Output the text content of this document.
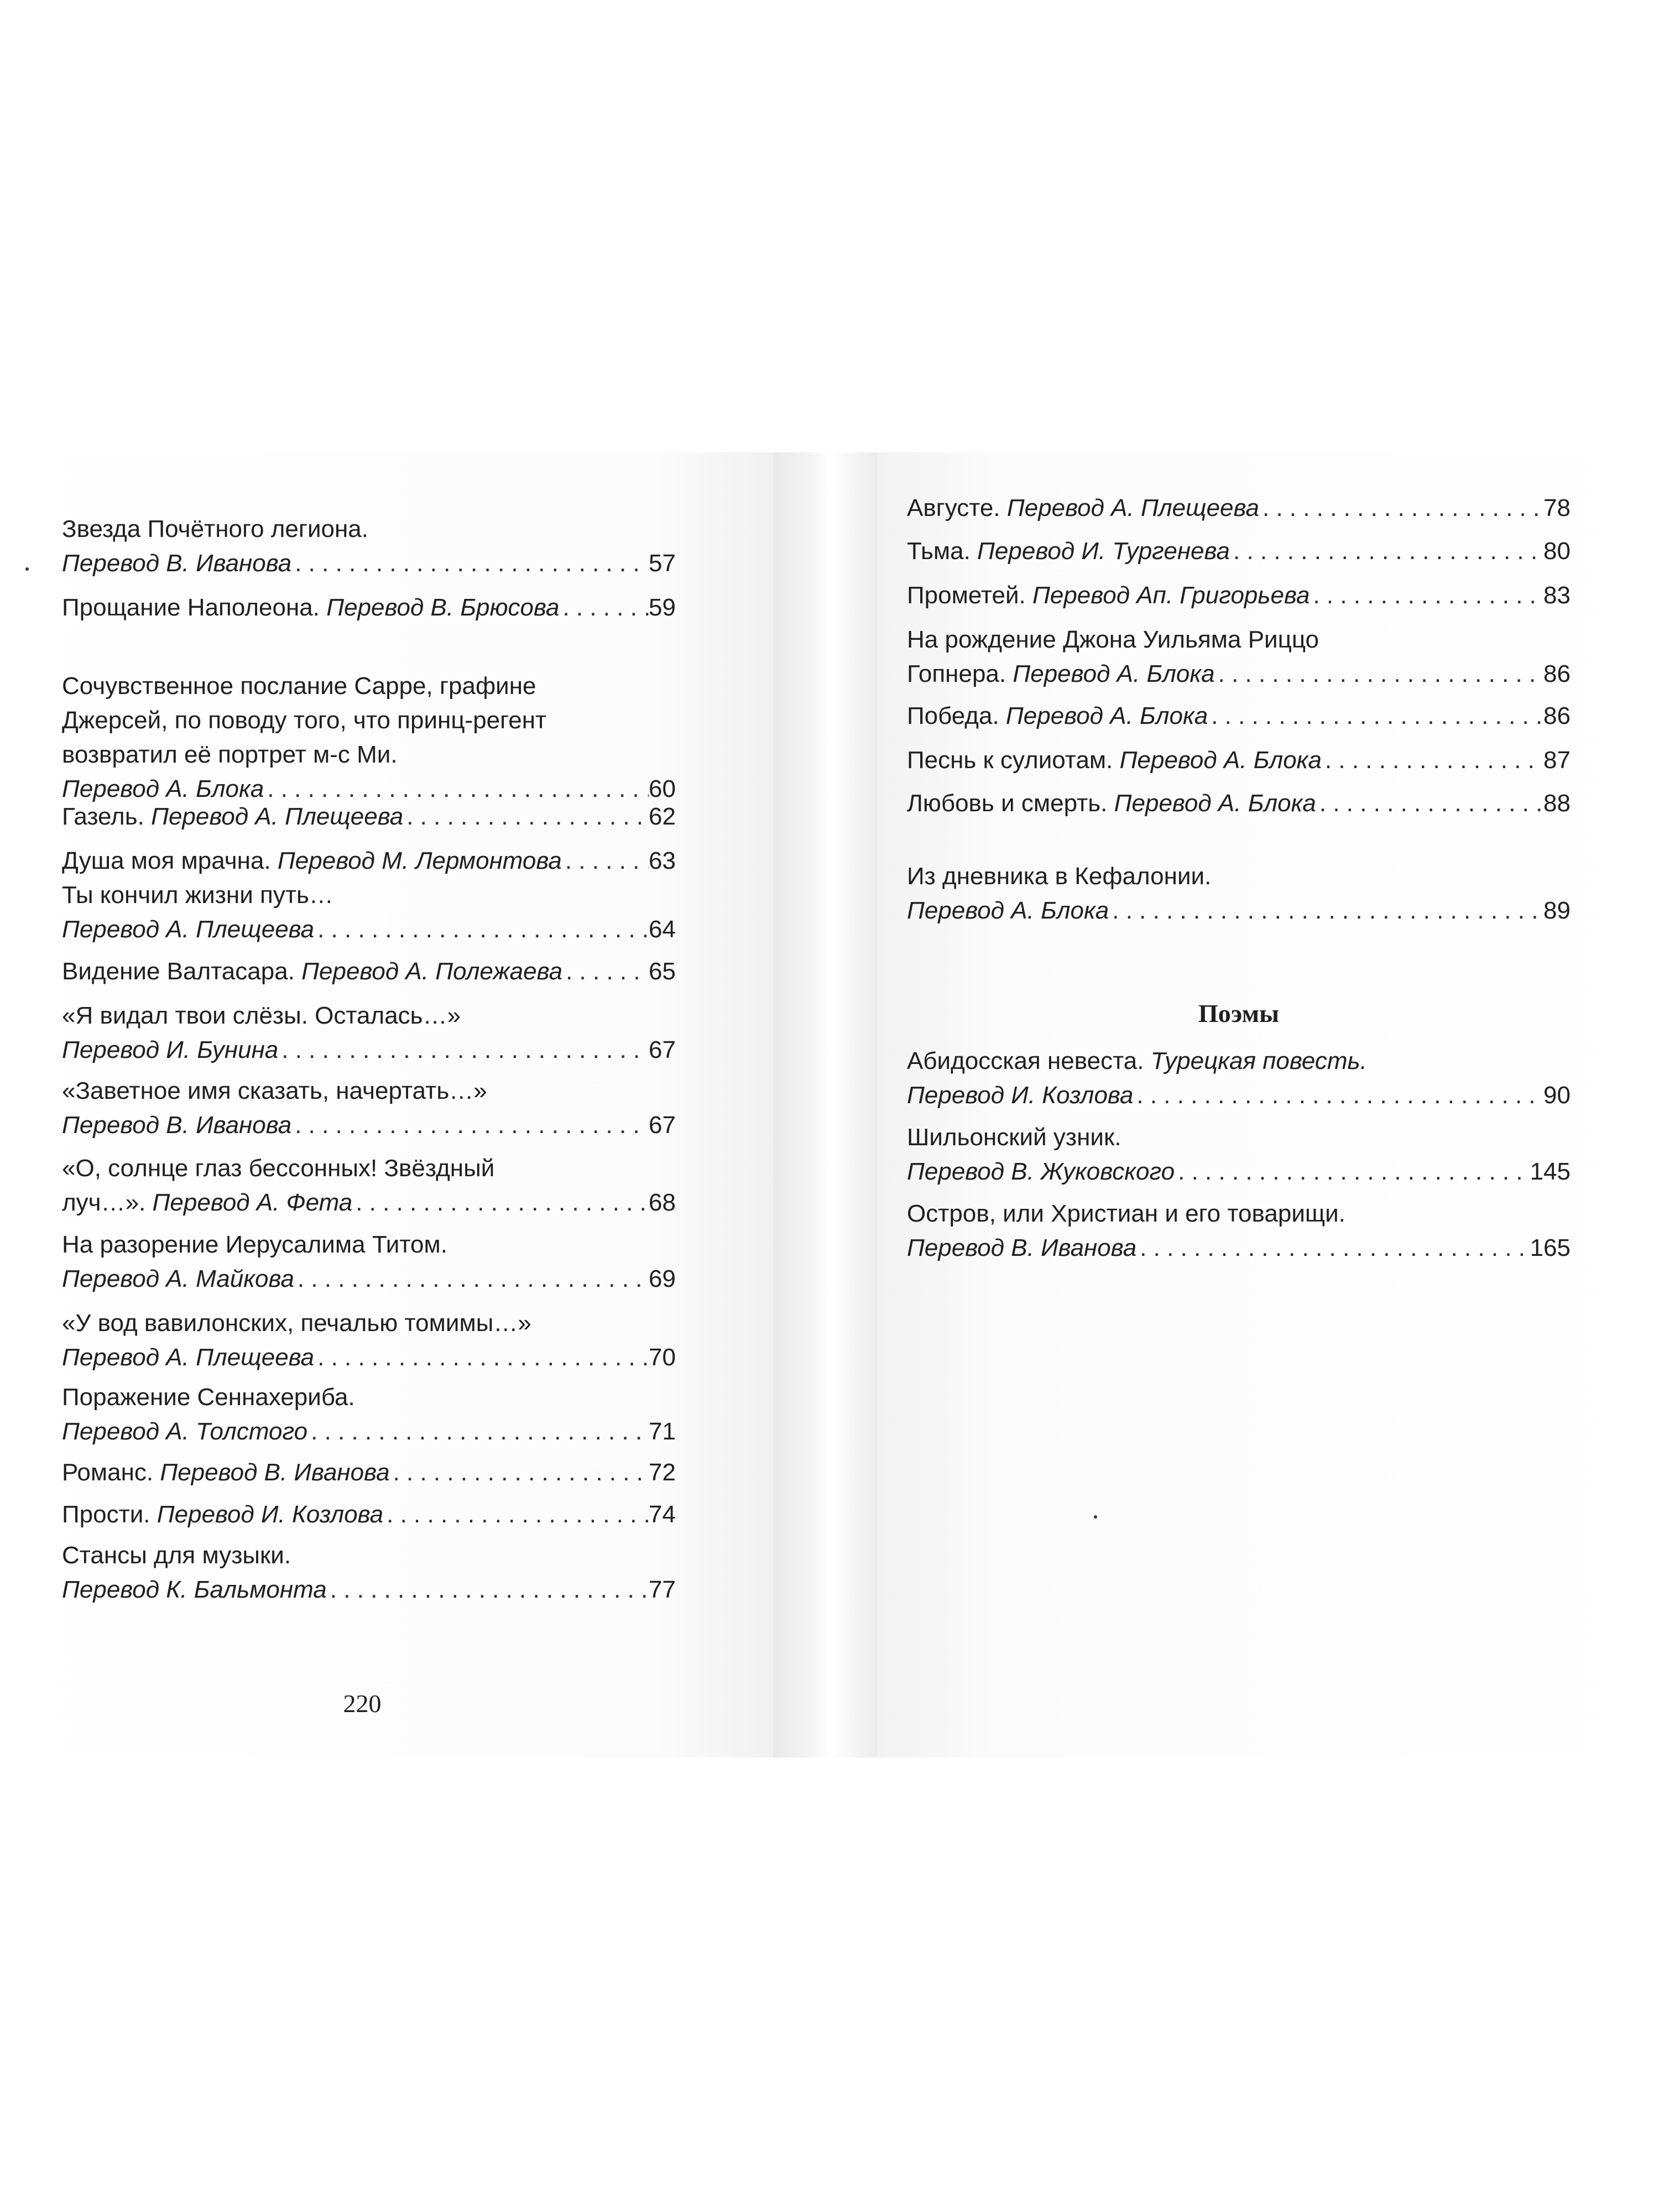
Звезда Почётного легиона.
Перевод В. Иванова . . .	57
Прощание Наполеона. Перевод В. Брюсова . . .	59
Сочувственное послание Сарре, графине
Джерсей, по поводу того, что принц-регент
возвратил её портрет м-с Ми.
Перевод А. Блока . . .	60
Газель. Перевод А. Плещеева . . .	62
Душа моя мрачна. Перевод М. Лермонтова . . .	63
Ты кончил жизни путь…
Перевод А. Плещеева . . .	64
Видение Валтасара. Перевод А. Полежаева . . .	65
«Я видал твои слёзы. Осталась…»
Перевод И. Бунина . . .	67
«Заветное имя сказать, начертать…»
Перевод В. Иванова . . .	67
«О, солнце глаз бессонных! Звёздный
луч…». Перевод А. Фета . . .	68
На разорение Иерусалима Титом.
Перевод А. Майкова . . .	69
«У вод вавилонских, печалью томимы…»
Перевод А. Плещеева . . .	70
Поражение Сеннахериба.
Перевод А. Толстого . . .	71
Романс. Перевод В. Иванова . . .	72
Прости. Перевод И. Козлова . . .	74
Стансы для музыки.
Перевод К. Бальмонта . . .	77
220
Поэмы
Августе. Перевод А. Плещеева . . .	78
Тьма. Перевод И. Тургенева . . .	80
Прометей. Перевод Ап. Григорьева . . .	83
На рождение Джона Уильяма Риццо
Гопнера. Перевод А. Блока . . .	86
Победа. Перевод А. Блока . . .	86
Песнь к сулиотам. Перевод А. Блока . . .	87
Любовь и смерть. Перевод А. Блока . . .	88
Из дневника в Кефалонии.
Перевод А. Блока . . .	89
Абидосская невеста. Турецкая повесть.
Перевод И. Козлова . . .	90
Шильонский узник.
Перевод В. Жуковского . . .	145
Остров, или Христиан и его товарищи.
Перевод В. Иванова . . .	165
